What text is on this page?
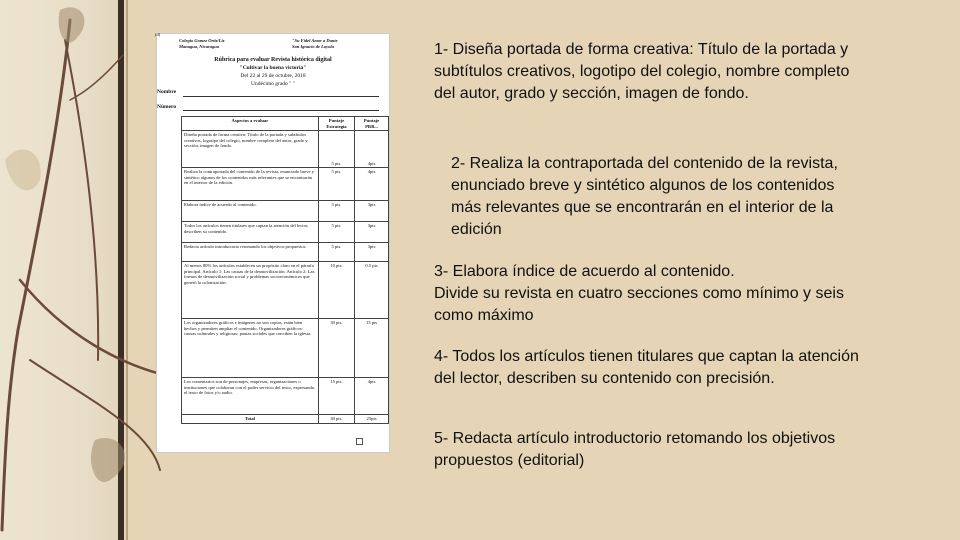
(d)
Colegio Gomez Ortiz/Liz
Managua, Nicaragua
"Su Fidel Amor a Dante
San Ignacio de Loyola
Rúbrica para evaluar Revista histórica digital
"Cultivar la buena victoria"
Del 22 al 29 de octubre, 2018
Undécimo grado " "
Nombre
Número
Aspectos a evaluar	Puntaje Estrategia	Puntaje PRR...
Diseña portada de forma creativa: Título de la portada y subtítulos creativos, logotipo del colegio, nombre completo del autor, grado y sección, imagen de fondo.	5 pts.	4pts
Realiza la contraportada del contenido de la revista, enunciado breve y sintético algunos de los contenidos más relevantes que se encontrarán en el interior de la edición.	5 pts.	4pts
Elabora índice de acuerdo al contenido.	5 pts.	3pts
Todos los artículos tienen titulares que captan la atención del lector, describen su contenido.	5 pts.	3pts
Redacta artículo introductorio retomando los objetivos propuestos.	5 pts.	3pts
Al menos 80% los artículos establecen un propósito claro en el párrafo principal. Artículo 1: Las causas de la desmovilización. Artículo 2: Las formas de desmovilización social y problemas socioeconómicos que generó la colonización.	10 pts.	0.5 pts
Los organizadores gráficos e imágenes no son copias, están bien hechos y permiten ampliar el contenido. Organizadores gráficos: causas culturales y religiosas; pautas sociales que conciben la iglesia.	30 pts.	15 pts
Los comentarios son de personajes, empresas, organizaciones o instituciones que colaboran con el poder servicio del texto, expresando, el texto de fotos y/o audio.	15 pts.	4pts
Total	30 pts.	25pts
1- Diseña portada de forma creativa: Título de la portada y
subtítulos creativos, logotipo del colegio, nombre completo
del autor, grado y sección, imagen de fondo.
2- Realiza la contraportada del contenido de la revista,
enunciado breve y sintético algunos de los contenidos
más relevantes que se encontrarán en el interior de la
edición
3- Elabora índice de acuerdo al contenido.
Divide su revista en cuatro secciones como mínimo y seis
como máximo
4- Todos los artículos tienen titulares que captan la atención
del lector, describen su contenido con precisión.
5- Redacta artículo introductorio retomando los objetivos
propuestos (editorial)
